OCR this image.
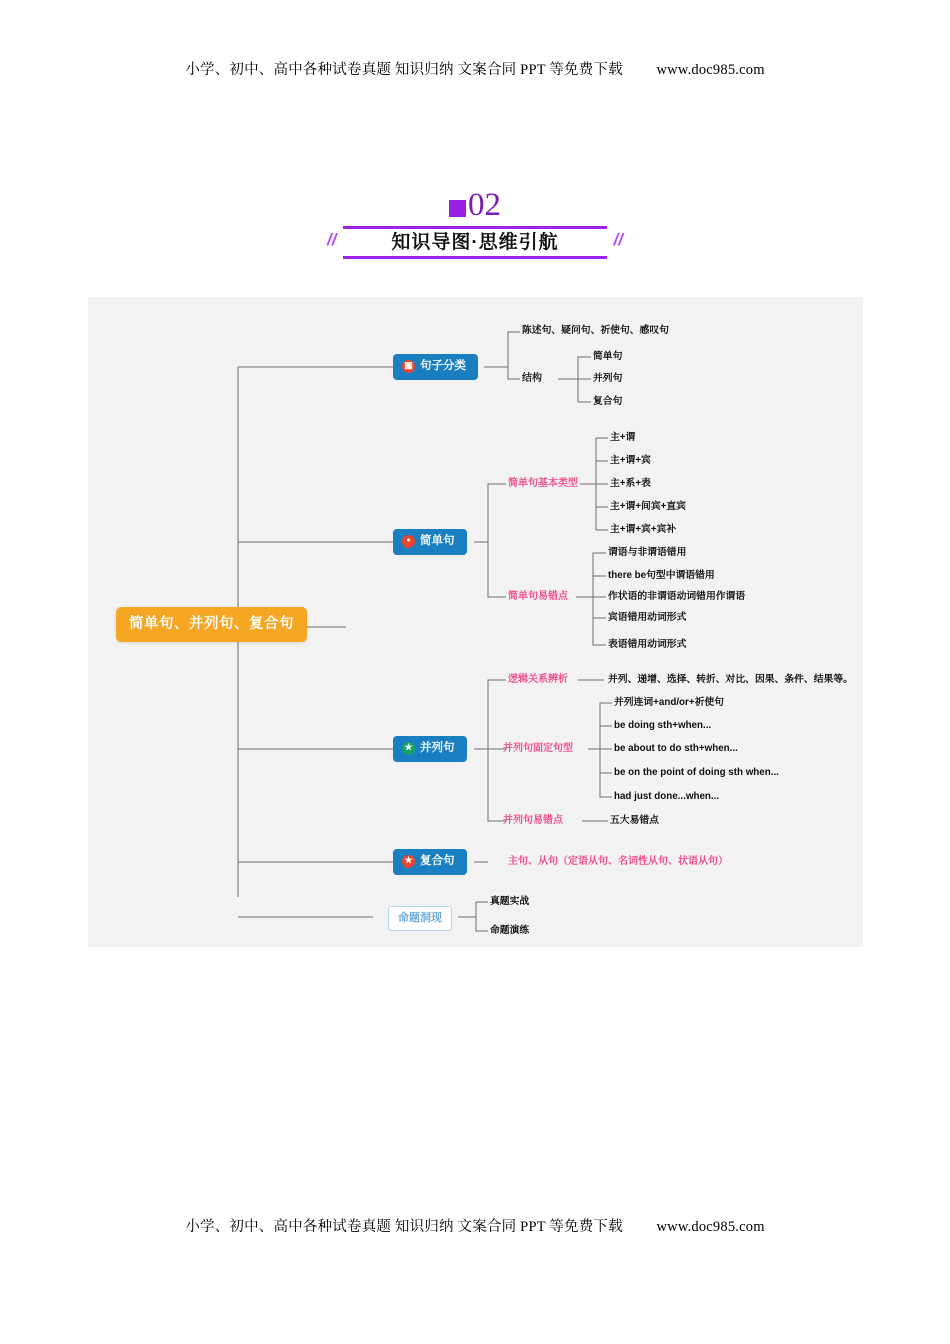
小学、初中、高中各种试卷真题 知识归纳 文案合同 PPT 等免费下载 www.doc985.com
02
//	//
知识导图·思维引航
简单句、并列句、复合句
▣
句子分类
陈述句、疑问句、祈使句、感叹句
结构
简单句
并列句
复合句
●
简单句
简单句基本类型
主+谓
主+谓+宾
主+系+表
主+谓+间宾+直宾
主+谓+宾+宾补
简单句易错点
谓语与非谓语错用
there be句型中谓语错用
作状语的非谓语动词错用作谓语
宾语错用动词形式
表语错用动词形式
★
并列句
逻辑关系辨析	并列、递增、选择、转折、对比、因果、条件、结果等。
并列句固定句型
并列连词+and/or+祈使句
be doing sth+when...
be about to do sth+when...
be on the point of doing sth when...
had just done...when...
并列句易错点	五大易错点
★
复合句	主句、从句（定语从句、名词性从句、状语从句）
命题洞现
真题实战
命题演练
小学、初中、高中各种试卷真题 知识归纳 文案合同 PPT 等免费下载 www.doc985.com
